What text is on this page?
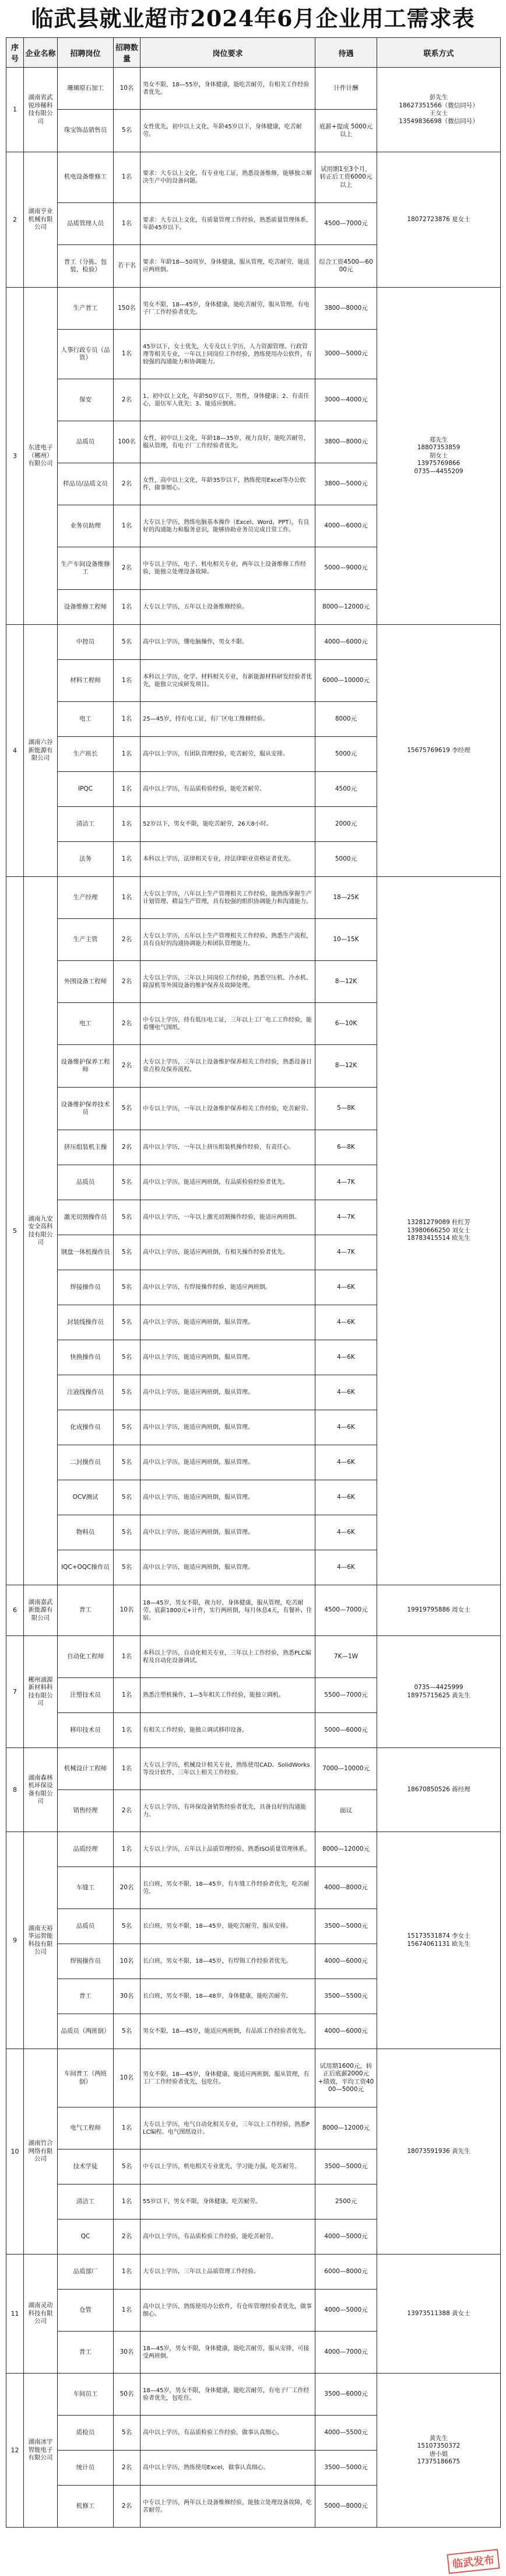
临武县就业超市2024年6月企业用工需求表
序号	企业名称	招聘岗位	招聘数量	岗位要求	待遇	联系方式
1	湖南省武锐珍稀科技有限公司	珊瑚原石加工	10名	男女不限，18—55岁，身体健康，能吃苦耐劳，有相关工作经验者优先。	计件计酬	彭先生
18627351566（微信同号）
王女士
13549836698（微信同号）
		珠宝饰品销售员	5名	女性优先，初中以上文化，年龄45岁以下，身体健康，吃苦耐劳。	底薪+提成 5000元以上	
2	湖南亨业机械有限公司	机电设备维修工	1名	要求：大专以上文化，有专业电工证，熟悉设备维修，能够独立解决生产中的设备问题。	试用期1至3个月，转正后工资6000元以上	18072723876 夏女士
		品质管理人员	1名	要求：大专以上文化，有质量管理工作经验，熟悉质量管理体系，年龄45岁以下。	4500—7000元	
		普工（分拣、包装、检验）	若干名	要求：年龄18—50周岁，身体健康，服从管理，吃苦耐劳，能适应两班倒。	综合工资4500—6000元	
3	东进电子（郴州）有限公司	生产普工	150名	男女不限，18—45岁，身体健康，能吃苦耐劳，服从管理，有电子厂工作经验者优先。	3800—8000元	郑先生
18807353859
胡女士
13975769866
0735—4455209
		人事行政专员（品管）	1名	45岁以下，女士优先，大专及以上学历，人力资源管理、行政管理等相关专业，一年以上同岗位工作经验，熟练使用办公软件，有较强的沟通能力和协调能力。	3000—5000元	
		保安	2名	1、初中以上文化，年龄50岁以下，男性，身体健康；2、有责任心，退伍军人优先；3、能适应倒班。	3000—4000元	
		品质员	100名	女性，初中以上文化，年龄18—35岁，视力良好，能吃苦耐劳，服从管理，有电子厂工作经验者优先。	3800—8000元	
		样品员/品质文员	2名	女性，高中以上文化，年龄35岁以下，熟练使用Excel等办公软件，做事细心。	3800—5000元	
		业务员助理	1名	大专以上学历，熟练电脑基本操作（Excel、Word、PPT），有良好的沟通能力和服务意识，能够协助业务员完成日常工作。	4000—6000元	
		生产车间设备维修工	2名	中专以上学历，电子、机电相关专业，两年以上设备维修工作经验，能独立处理设备故障。	5000—9000元	
		设备维修工程师	1名	大专以上学历，五年以上设备维修经验。	8000—12000元	
4	湖南六谷新能源有限公司	中控员	5名	高中以上学历，懂电脑操作，男女不限。	4000—6000元	15675769619 李经理
		材料工程师	1名	本科以上学历，化学、材料相关专业，有新能源材料研发经验者优先，能独立完成研发项目。	6000—10000元	
		电工	1名	25—45岁，持有电工证，有厂区电工维修经验。	8000元	
		生产班长	1名	高中以上学历，有团队管理经验，吃苦耐劳，服从安排。	5000元	
		IPQC	1名	高中以上学历，有品质检验经验，能吃苦耐劳。	4500元	
		清洁工	1名	52岁以下，男女不限，能吃苦耐劳，26天8小时。	2000元	
		法务	1名	本科以上学历，法律相关专业，持法律职业资格证者优先。	5000元	
5	湖南九安安全高科技有限公司	生产经理	1名	大专以上学历，八年以上生产管理相关工作经验，能熟练掌握生产计划管理、精益生产管理，具有较强的组织协调能力和沟通能力。	18—25K	13281279089 杜红芳
13980666250 刘女士
18783415514 欧先生
		生产主管	2名	大专以上学历，五年以上生产管理相关工作经验，熟悉生产流程，具有良好的沟通协调能力和团队管理能力。	10—15K	
		外围设备工程师	2名	大专以上学历，三年以上同岗位工作经验，熟悉空压机、冷水机、除湿机等外围设备的维护保养及故障处理。	8—12K	
		电工	2名	中专以上学历，持有低压电工证，三年以上工厂电工工作经验，能看懂电气图纸。	6—10K	
		设备维护保养工程师	2名	大专以上学历，三年以上设备维护保养相关工作经验，熟悉设备日常点检及保养流程。	8—12K	
		设备维护保养技术员	5名	中专以上学历，一年以上设备维护保养相关工作经验，吃苦耐劳。	5—8K	
		挤压组装机主操	2名	高中以上学历，一年以上挤压组装机操作经验，有责任心。	6—8K	
		品质员	5名	高中以上学历，能适应两班倒，有品质检验经验者优先。	4—7K	
		激光切割操作员	5名	高中以上学历，一年以上激光切割操作经验，能适应两班倒。	4—7K	
		钢盘一体机操作员	5名	高中以上学历，能适应两班倒，有相关操作经验者优先。	4—7K	
		焊接操作员	5名	高中以上学历，有焊接操作经验，能适应两班倒。	4—6K	
		封装线操作员	5名	高中以上学历，能适应两班倒，服从管理。	4—6K	
		快换操作员	5名	高中以上学历，能适应两班倒，服从管理。	4—6K	
		注液线操作员	5名	高中以上学历，能适应两班倒，服从管理。	4—6K	
		化成操作员	5名	高中以上学历，能适应两班倒，服从管理。	4—6K	
		二封操作员	5名	高中以上学历，能适应两班倒，服从管理。	4—6K	
		OCV测试	5名	高中以上学历，能适应两班倒，服从管理。	4—6K	
		物料员	5名	高中以上学历，能适应两班倒，服从管理。	4—6K	
		IQC+OQC操作员	5名	高中以上学历，能适应两班倒，服从管理。	4—6K	
6	湖南嘉武新能源有限公司	普工	10名	18—45岁，男女不限，视力好，身体健康，服从管理，吃苦耐劳。底薪1800元+计件，实行两班倒，每月休息4天，有餐补、住宿。	4500—7000元	19919795886 周女士
7	郴州浦源新材料科技有限公司	自动化工程师	1名	本科以上学历，自动化相关专业，三年以上工作经验，熟悉PLC编程及自动化设备调试。	7K—1W	0735—4425999
18975715625 黄先生
		注塑技术员	1名	熟悉注塑机操作，1—5年相关工作经验，能独立调机。	5500—7000元	
		移印技术员	1名	有相关工作经验，能独立调试移印设备。	5000—6000元	
8	湖南森林机环保设备有限公司	机械设计工程师	1名	大专以上学历，机械设计相关专业，熟练使用CAD、SolidWorks等设计软件，三年以上相关工作经验。	7000—10000元	18670850526 蒋经理
		销售经理	2名	大专以上学历，有环保设备销售经验者优先，具备良好的沟通能力。	面议	
9	湖南天裕华运智能科技有限公司	品质经理	1名	大专以上学历，五年以上品质管理经验，熟悉ISO质量管理体系。	8000—12000元	15173531874 李女士
15674061131 欧先生
		车缝工	20名	长白班，男女不限，18—45岁，有车缝工作经验者优先，吃苦耐劳。	4000—8000元	
		品质员	5名	长白班，男女不限，18—45岁，能吃苦耐劳，服从安排。	3500—5000元	
		焊锡操作员	10名	长白班，男女不限，18—45岁，有焊锡工作经验者优先。	4000—6000元	
		普工	30名	长白班，男女不限，18—48岁，身体健康，能吃苦耐劳。	3500—5500元	
		品质员（两班倒）	5名	男女不限，18—45岁，能适应两班倒，有品质工作经验者优先。	4000—6000元	
10	湖南竹合网络有限公司	车间普工（两班倒）	10名	男女不限，18—45岁，身体健康，能适应两班倒，服从管理，有工厂工作经验者优先，包吃住。	试用期1600元，转正后底薪2000元+绩效，平均工资4000—5000元	18073591936 黄先生
		电气工程师	1名	大专以上学历，电气自动化相关专业，三年以上工作经验，熟悉PLC编程、电气图纸设计。	8000—12000元	
		技术学徒	5名	中专以上学历，机电相关专业优先，学习能力强，吃苦耐劳。	3500—5000元	
		清洁工	1名	55岁以下，男女不限，身体健康，吃苦耐劳。	2500元	
		QC	2名	高中以上学历，有品质检验工作经验，能吃苦耐劳。	4000—5000元	
11	湖南灵动科技有限公司	品质部厂	1名	大专以上学历，三年以上品质管理工作经验。	6000—8000元	13973511388 黄女士
		仓管	1名	高中以上学历，熟练使用办公软件，有仓库管理经验者优先，做事细心。	4000—5000元	
		普工	30名	18—45岁，男女不限，身体健康，能吃苦耐劳，服从安排，可接受两班倒。	4000—7000元	
12	湖南冰宇智能电子有限公司	车间员工	50名	18—45岁，男女不限，身体健康，能吃苦耐劳，有电子厂工作经验者优先，包吃住。	3500—6000元	黄先生
15107350372
唐小姐
17375186675
		质检员	5名	高中以上学历，有品质检验工作经验，做事认真细心。	4000—5500元	
		统计员	2名	高中以上学历，熟练使用Excel，做事认真细心。	3500—5000元	
		机修工	2名	中专以上学历，两年以上设备维修经验，能独立处理设备故障，吃苦耐劳。	5000—8000元	
临武发布
